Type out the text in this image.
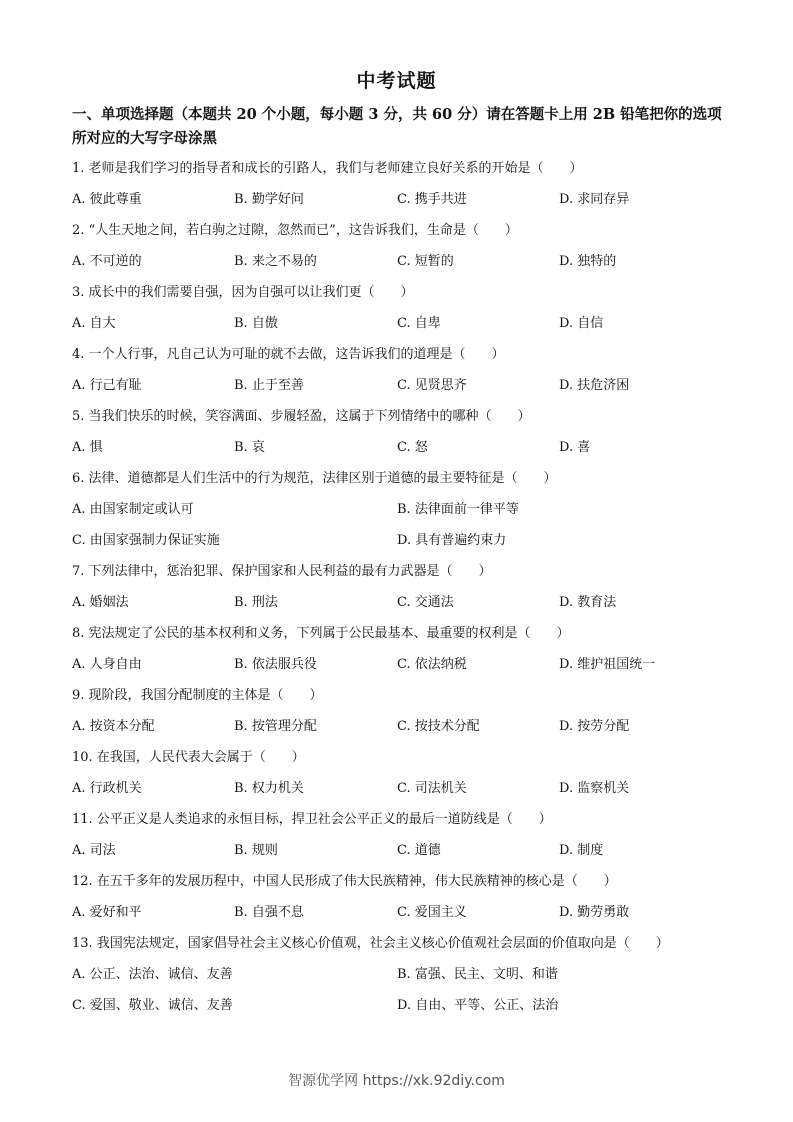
中考试题
一、单项选择题（本题共 20 个小题，每小题 3 分，共 60 分）请在答题卡上用 2B 铅笔把你的选项所对应的大写字母涂黑
1. 老师是我们学习的指导者和成长的引路人，我们与老师建立良好关系的开始是（　　）
A. 彼此尊重	B. 勤学好问	C. 携手共进	D. 求同存异
2. “人生天地之间，若白驹之过隙，忽然而已”，这告诉我们，生命是（　　）
A. 不可逆的	B. 来之不易的	C. 短暂的	D. 独特的
3. 成长中的我们需要自强，因为自强可以让我们更（　　）
A. 自大	B. 自傲	C. 自卑	D. 自信
4. 一个人行事，凡自己认为可耻的就不去做，这告诉我们的道理是（　　）
A. 行己有耻	B. 止于至善	C. 见贤思齐	D. 扶危济困
5. 当我们快乐的时候，笑容满面、步履轻盈，这属于下列情绪中的哪种（　　）
A. 惧	B. 哀	C. 怒	D. 喜
6. 法律、道德都是人们生活中的行为规范，法律区别于道德的最主要特征是（　　）
A. 由国家制定或认可	B. 法律面前一律平等
C. 由国家强制力保证实施	D. 具有普遍约束力
7. 下列法律中，惩治犯罪、保护国家和人民利益的最有力武器是（　　）
A. 婚姻法	B. 刑法	C. 交通法	D. 教育法
8. 宪法规定了公民的基本权利和义务，下列属于公民最基本、最重要的权利是（　　）
A. 人身自由	B. 依法服兵役	C. 依法纳税	D. 维护祖国统一
9. 现阶段，我国分配制度的主体是（　　）
A. 按资本分配	B. 按管理分配	C. 按技术分配	D. 按劳分配
10. 在我国，人民代表大会属于（　　）
A. 行政机关	B. 权力机关	C. 司法机关	D. 监察机关
11. 公平正义是人类追求的永恒目标，捍卫社会公平正义的最后一道防线是（　　）
A. 司法	B. 规则	C. 道德	D. 制度
12. 在五千多年的发展历程中，中国人民形成了伟大民族精神，伟大民族精神的核心是（　　）
A. 爱好和平	B. 自强不息	C. 爱国主义	D. 勤劳勇敢
13. 我国宪法规定，国家倡导社会主义核心价值观，社会主义核心价值观社会层面的价值取向是（　　）
A. 公正、法治、诚信、友善	B. 富强、民主、文明、和谐
C. 爱国、敬业、诚信、友善	D. 自由、平等、公正、法治
智源优学网 https://xk.92diy.com
